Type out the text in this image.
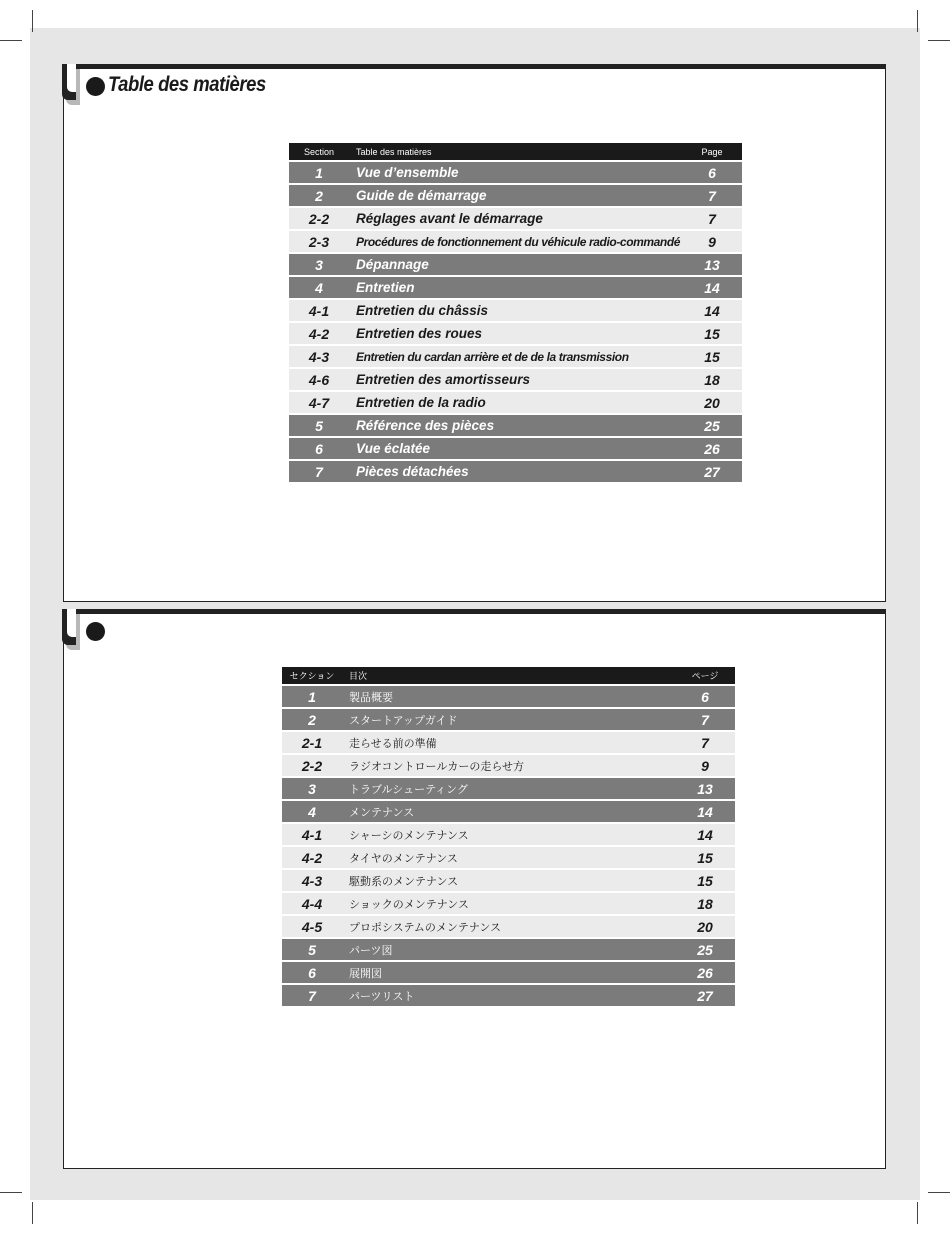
Table des matières
Section	Table des matières	Page
1	Vue d’ensemble	6
2	Guide de démarrage	7
2-2	Réglages avant le démarrage	7
2-3	Procédures de fonctionnement du véhicule radio-commandé	9
3	Dépannage	13
4	Entretien	14
4-1	Entretien du châssis	14
4-2	Entretien des roues	15
4-3	Entretien du cardan arrière et de de la transmission	15
4-6	Entretien des amortisseurs	18
4-7	Entretien de la radio	20
5	Référence des pièces	25
6	Vue éclatée	26
7	Pièces détachées	27
セクション	目次	ページ
1	製品概要	6
2	スタートアップガイド	7
2-1	走らせる前の準備	7
2-2	ラジオコントロールカーの走らせ方	9
3	トラブルシューティング	13
4	メンテナンス	14
4-1	シャーシのメンテナンス	14
4-2	タイヤのメンテナンス	15
4-3	駆動系のメンテナンス	15
4-4	ショックのメンテナンス	18
4-5	プロポシステムのメンテナンス	20
5	パーツ図	25
6	展開図	26
7	パーツリスト	27
